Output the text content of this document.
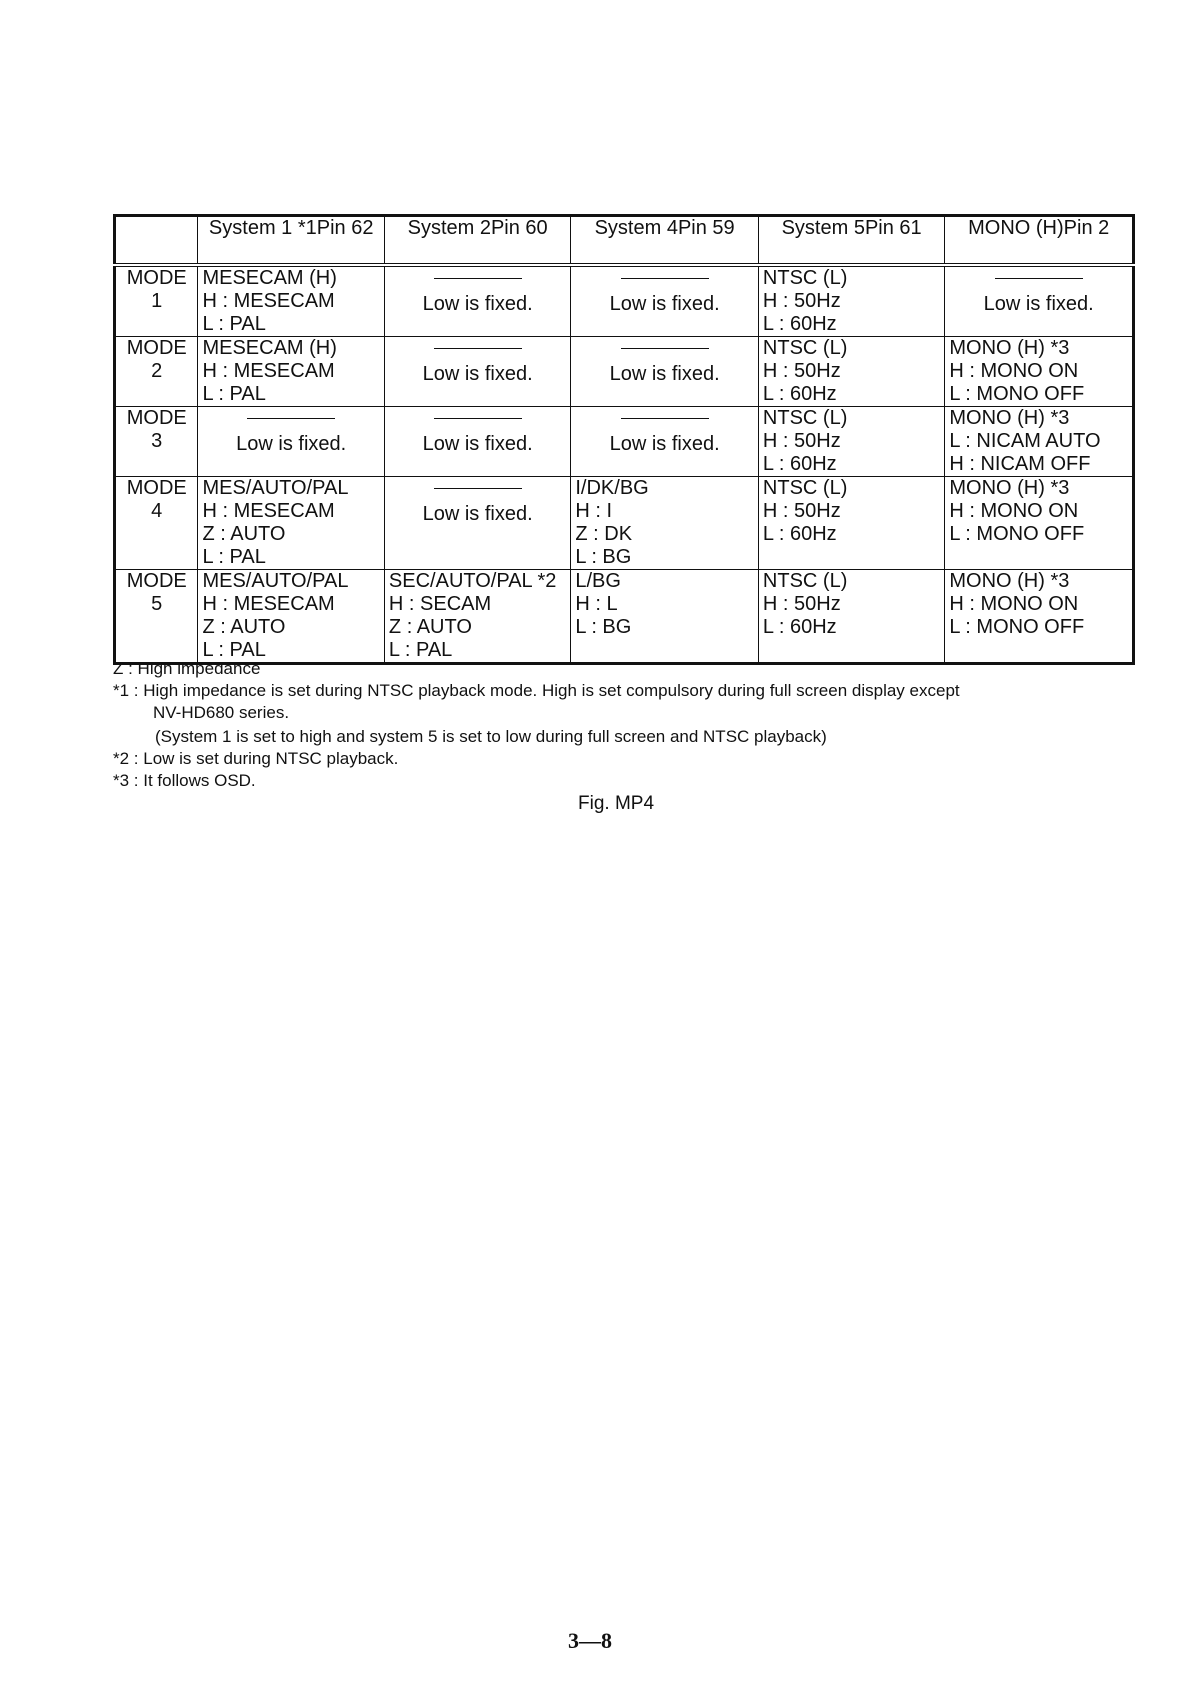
	System 1 *1Pin 62	System 2Pin 60	System 4Pin 59	System 5Pin 61	MONO (H)Pin 2

MODE
1	MESECAM (H)
H : MESECAM
L : PAL	Low is fixed.	Low is fixed.	NTSC (L)
H : 50Hz
L : 60Hz	Low is fixed.

MODE
2	MESECAM (H)
H : MESECAM
L : PAL	Low is fixed.	Low is fixed.	NTSC (L)
H : 50Hz
L : 60Hz	MONO (H) *3
H : MONO ON
L : MONO OFF

MODE
3	Low is fixed.	Low is fixed.	Low is fixed.	NTSC (L)
H : 50Hz
L : 60Hz	MONO (H) *3
L : NICAM AUTO
H : NICAM OFF

MODE
4	MES/AUTO/PAL
H : MESECAM
Z : AUTO
L : PAL	Low is fixed.	I/DK/BG
H : I
Z : DK
L : BG	NTSC (L)
H : 50Hz
L : 60Hz	MONO (H) *3
H : MONO ON
L : MONO OFF

MODE
5	MES/AUTO/PAL
H : MESECAM
Z : AUTO
L : PAL	SEC/AUTO/PAL *2
H : SECAM
Z : AUTO
L : PAL	L/BG
H : L
L : BG	NTSC (L)
H : 50Hz
L : 60Hz	MONO (H) *3
H : MONO ON
L : MONO OFF
Z : High impedance
*1 : High impedance is set during NTSC playback mode. High is set compulsory during full screen display except
NV-HD680 series.
(System 1 is set to high and system 5 is set to low during full screen and NTSC playback)
*2 : Low is set during NTSC playback.
*3 : It follows OSD.
Fig. MP4
3—8
